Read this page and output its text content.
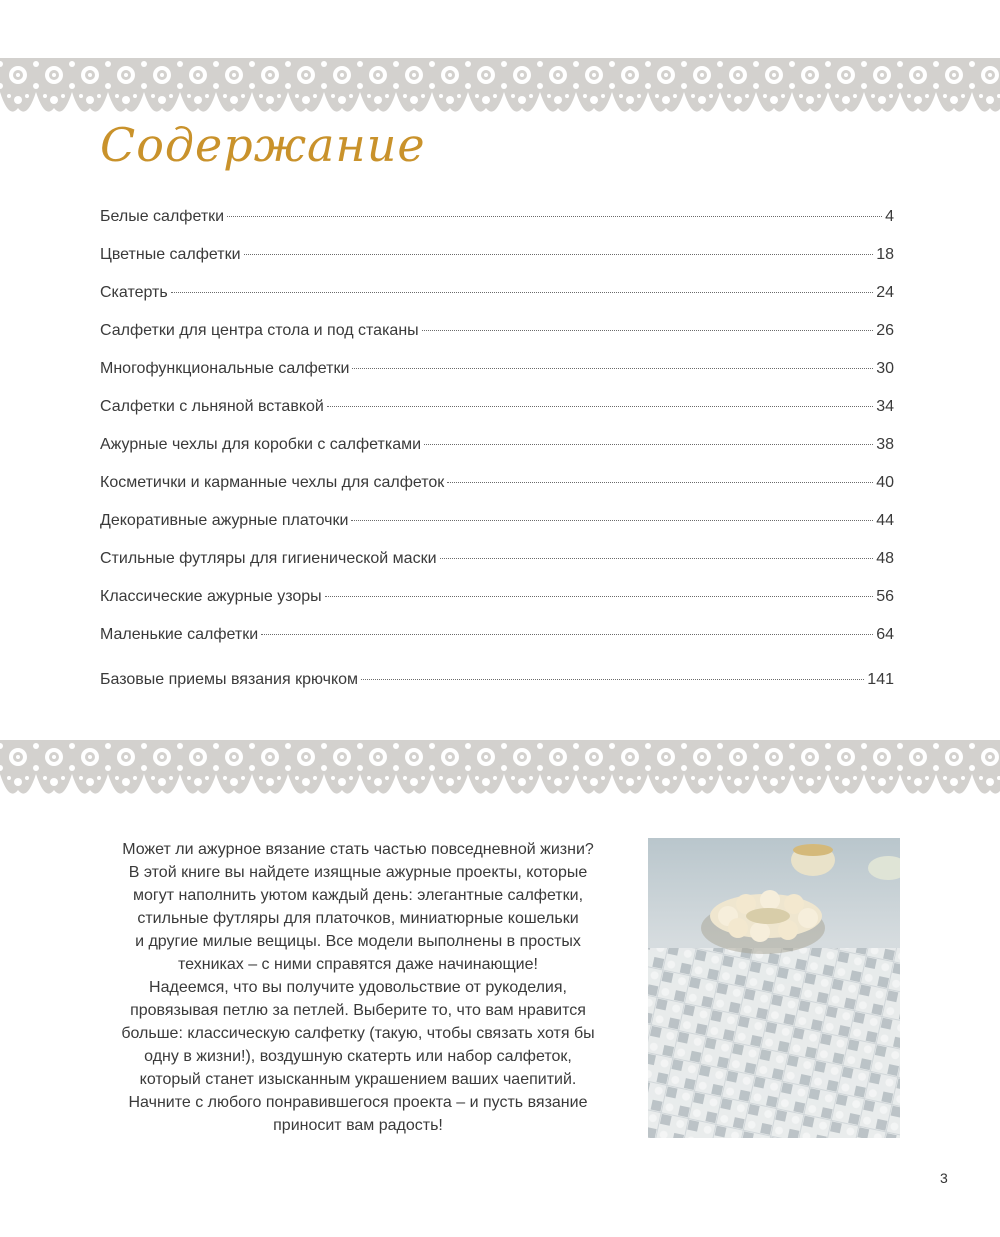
Содержание
Белые салфетки	4
Цветные салфетки	18
Скатерть	24
Салфетки для центра стола и под стаканы	26
Многофункциональные салфетки	30
Салфетки с льняной вставкой	34
Ажурные чехлы для коробки с салфетками	38
Косметички и карманные чехлы для салфеток	40
Декоративные ажурные платочки	44
Стильные футляры для гигиенической маски	48
Классические ажурные узоры	56
Маленькие салфетки	64
Базовые приемы вязания крючком	141

Может ли ажурное вязание стать частью повседневной жизни?

В этой книге вы найдете изящные ажурные проекты, которые

могут наполнить уютом каждый день: элегантные салфетки,

стильные футляры для платочков, миниатюрные кошельки

и другие милые вещицы. Все модели выполнены в простых

техниках – с ними справятся даже начинающие!

Надеемся, что вы получите удовольствие от рукоделия,

провязывая петлю за петлей. Выберите то, что вам нравится

больше: классическую салфетку (такую, чтобы связать хотя бы

одну в жизни!), воздушную скатерть или набор салфеток,

который станет изысканным украшением ваших чаепитий.

Начните с любого понравившегося проекта – и пусть вязание

приносит вам радость!

3
